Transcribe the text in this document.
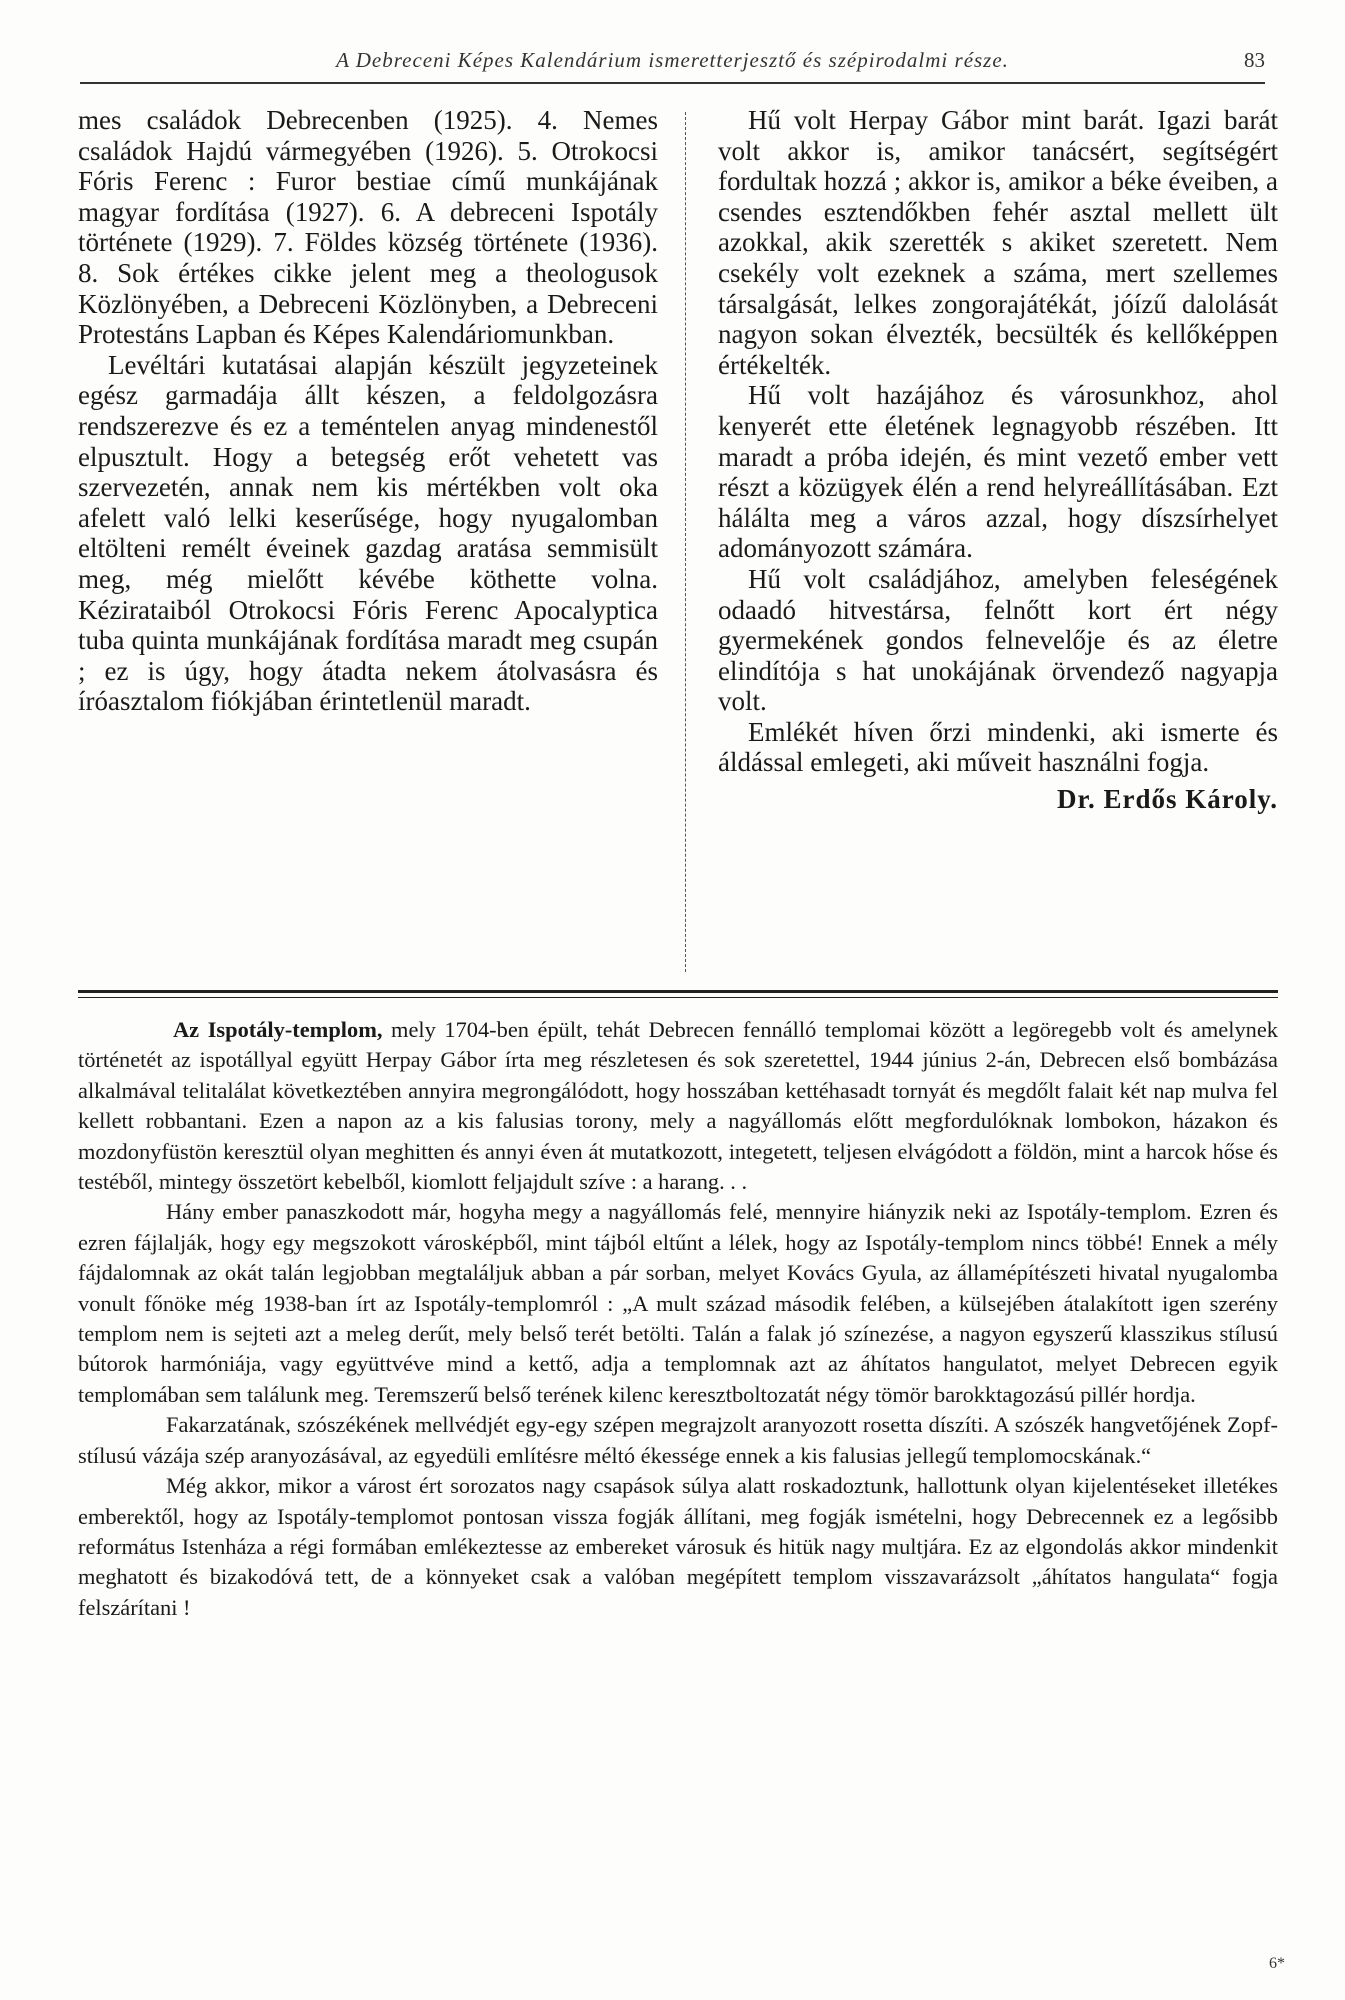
A Debreceni Képes Kalendárium ismeretterjesztő és szépirodalmi része.	83

mes családok Debrecenben (1925). 4. Nemes családok Hajdú vármegyében (1926). 5. Otrokocsi Fóris Ferenc : Furor bestiae című munkájának magyar fordítása (1927). 6. A debreceni Ispotály története (1929). 7. Földes község története (1936). 8. Sok értékes cikke jelent meg a theologusok Közlönyében, a Debreceni Közlönyben, a Debreceni Protestáns Lapban és Képes Kalendáriomunkban.

Levéltári kutatásai alapján készült jegyzeteinek egész garmadája állt készen, a feldolgozásra rendszerezve és ez a teméntelen anyag mindenestől elpusztult. Hogy a betegség erőt vehetett vas szervezetén, annak nem kis mértékben volt oka afelett való lelki keserűsége, hogy nyugalomban eltölteni remélt éveinek gazdag aratása semmisült meg, még mielőtt kévébe köthette volna. Kézirataiból Otrokocsi Fóris Ferenc Apocalyptica tuba quinta munkájának fordítása maradt meg csupán ; ez is úgy, hogy átadta nekem átolvasásra és íróasztalom fiókjában érintetlenül maradt.

Hű volt Herpay Gábor mint barát. Igazi barát volt akkor is, amikor tanácsért, segítségért fordultak hozzá ; akkor is, amikor a béke éveiben, a csendes esztendőkben fehér asztal mellett ült azokkal, akik szerették s akiket szeretett. Nem csekély volt ezeknek a száma, mert szellemes társalgását, lelkes zongorajátékát, jóízű dalolását nagyon sokan élvezték, becsülték és kellőképpen értékelték.

Hű volt hazájához és városunkhoz, ahol kenyerét ette életének legnagyobb részében. Itt maradt a próba idején, és mint vezető ember vett részt a közügyek élén a rend helyreállításában. Ezt hálálta meg a város azzal, hogy díszsírhelyet adományozott számára.

Hű volt családjához, amelyben feleségének odaadó hitvestársa, felnőtt kort ért négy gyermekének gondos felnevelője és az életre elindítója s hat unokájának örvendező nagyapja volt.

Emlékét híven őrzi mindenki, aki ismerte és áldással emlegeti, aki műveit használni fogja.

Dr. Erdős Károly.

Az Ispotály-templom, mely 1704-ben épült, tehát Debrecen fennálló templomai között a legöregebb volt és amelynek történetét az ispotállyal együtt Herpay Gábor írta meg részletesen és sok szeretettel, 1944 június 2-án, Debrecen első bombázása alkalmával telitalálat következtében annyira megrongálódott, hogy hosszában kettéhasadt tornyát és megdőlt falait két nap mulva fel kellett robbantani. Ezen a napon az a kis falusias torony, mely a nagyállomás előtt megfordulóknak lombokon, házakon és mozdonyfüstön keresztül olyan meghitten és annyi éven át mutatkozott, integetett, teljesen elvágódott a földön, mint a harcok hőse és testéből, mintegy összetört kebelből, kiomlott feljajdult szíve : a harang. . .

Hány ember panaszkodott már, hogyha megy a nagyállomás felé, mennyire hiányzik neki az Ispotály-templom. Ezren és ezren fájlalják, hogy egy megszokott városképből, mint tájból eltűnt a lélek, hogy az Ispotály-templom nincs többé! Ennek a mély fájdalomnak az okát talán legjobban megtaláljuk abban a pár sorban, melyet Kovács Gyula, az államépítészeti hivatal nyugalomba vonult főnöke még 1938-ban írt az Ispotály-templomról : „A mult század második felében, a külsejében átalakított igen szerény templom nem is sejteti azt a meleg derűt, mely belső terét betölti. Talán a falak jó színezése, a nagyon egyszerű klasszikus stílusú bútorok harmóniája, vagy együttvéve mind a kettő, adja a templomnak azt az áhítatos hangulatot, melyet Debrecen egyik templomában sem találunk meg. Teremszerű belső terének kilenc keresztboltozatát négy tömör barokktagozású pillér hordja.

Fakarzatának, szószékének mellvédjét egy-egy szépen megrajzolt aranyozott rosetta díszíti. A szószék hangvetőjének Zopf-stílusú vázája szép aranyozásával, az egyedüli említésre méltó ékessége ennek a kis falusias jellegű templomocskának.“

Még akkor, mikor a várost ért sorozatos nagy csapások súlya alatt roskadoztunk, hallottunk olyan kijelentéseket illetékes emberektől, hogy az Ispotály-templomot pontosan vissza fogják állítani, meg fogják ismételni, hogy Debrecennek ez a legősibb református Istenháza a régi formában emlékeztesse az embereket városuk és hitük nagy multjára. Ez az elgondolás akkor mindenkit meghatott és bizakodóvá tett, de a könnyeket csak a valóban megépített templom visszavarázsolt „áhítatos hangulata“ fogja felszárítani !

6*
